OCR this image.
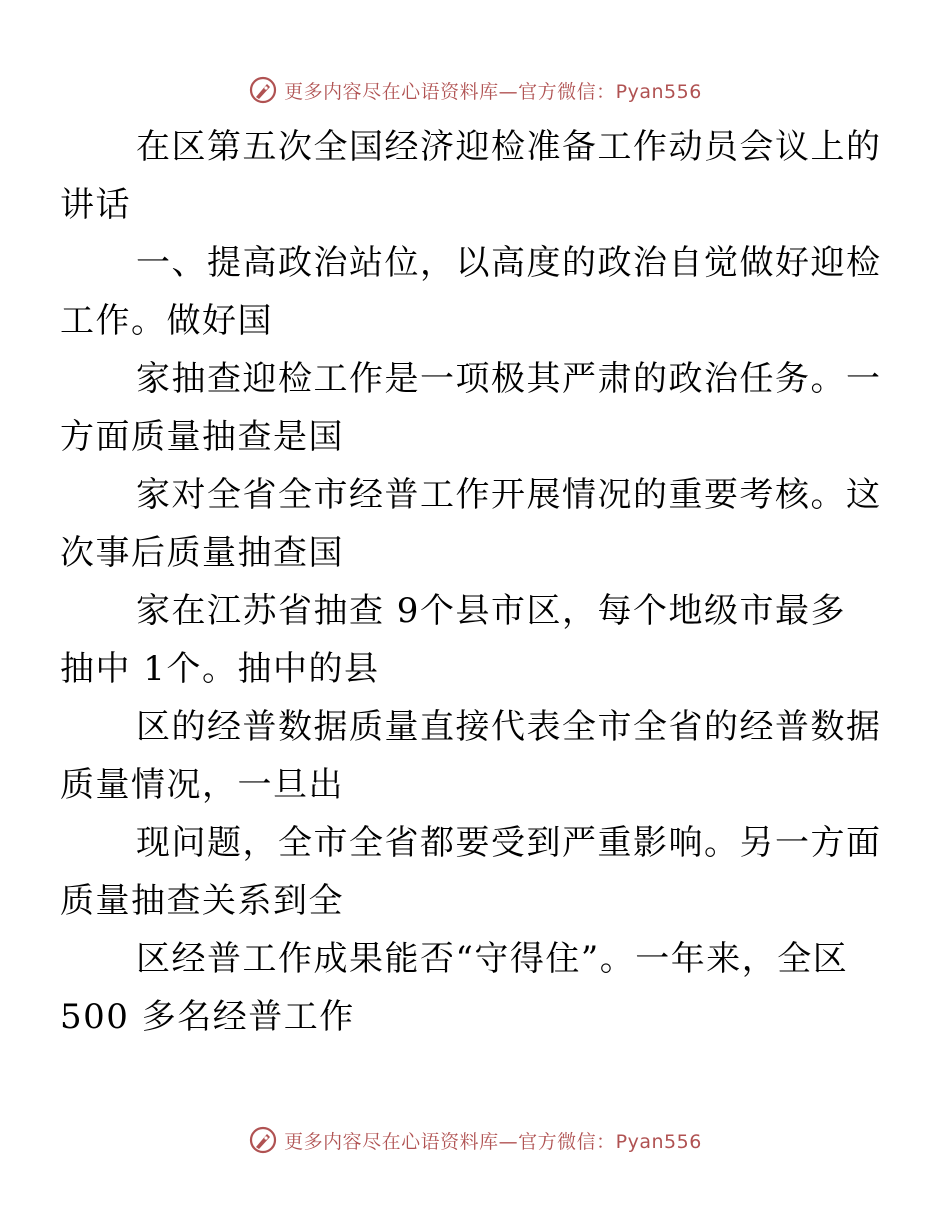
更多内容尽在心语资料库—官方微信：Pyan556

在区第五次全国经济迎检准备工作动员会议上的
讲话

一、提高政治站位，以高度的政治自觉做好迎检
工作。做好国

家抽查迎检工作是一项极其严肃的政治任务。一
方面质量抽查是国

家对全省全市经普工作开展情况的重要考核。这
次事后质量抽查国

家在江苏省抽查 9个县市区，每个地级市最多
抽中 1个。抽中的县

区的经普数据质量直接代表全市全省的经普数据
质量情况，一旦出

现问题，全市全省都要受到严重影响。另一方面
质量抽查关系到全

区经普工作成果能否“守得住”。一年来，全区
500 多名经普工作

更多内容尽在心语资料库—官方微信：Pyan556
